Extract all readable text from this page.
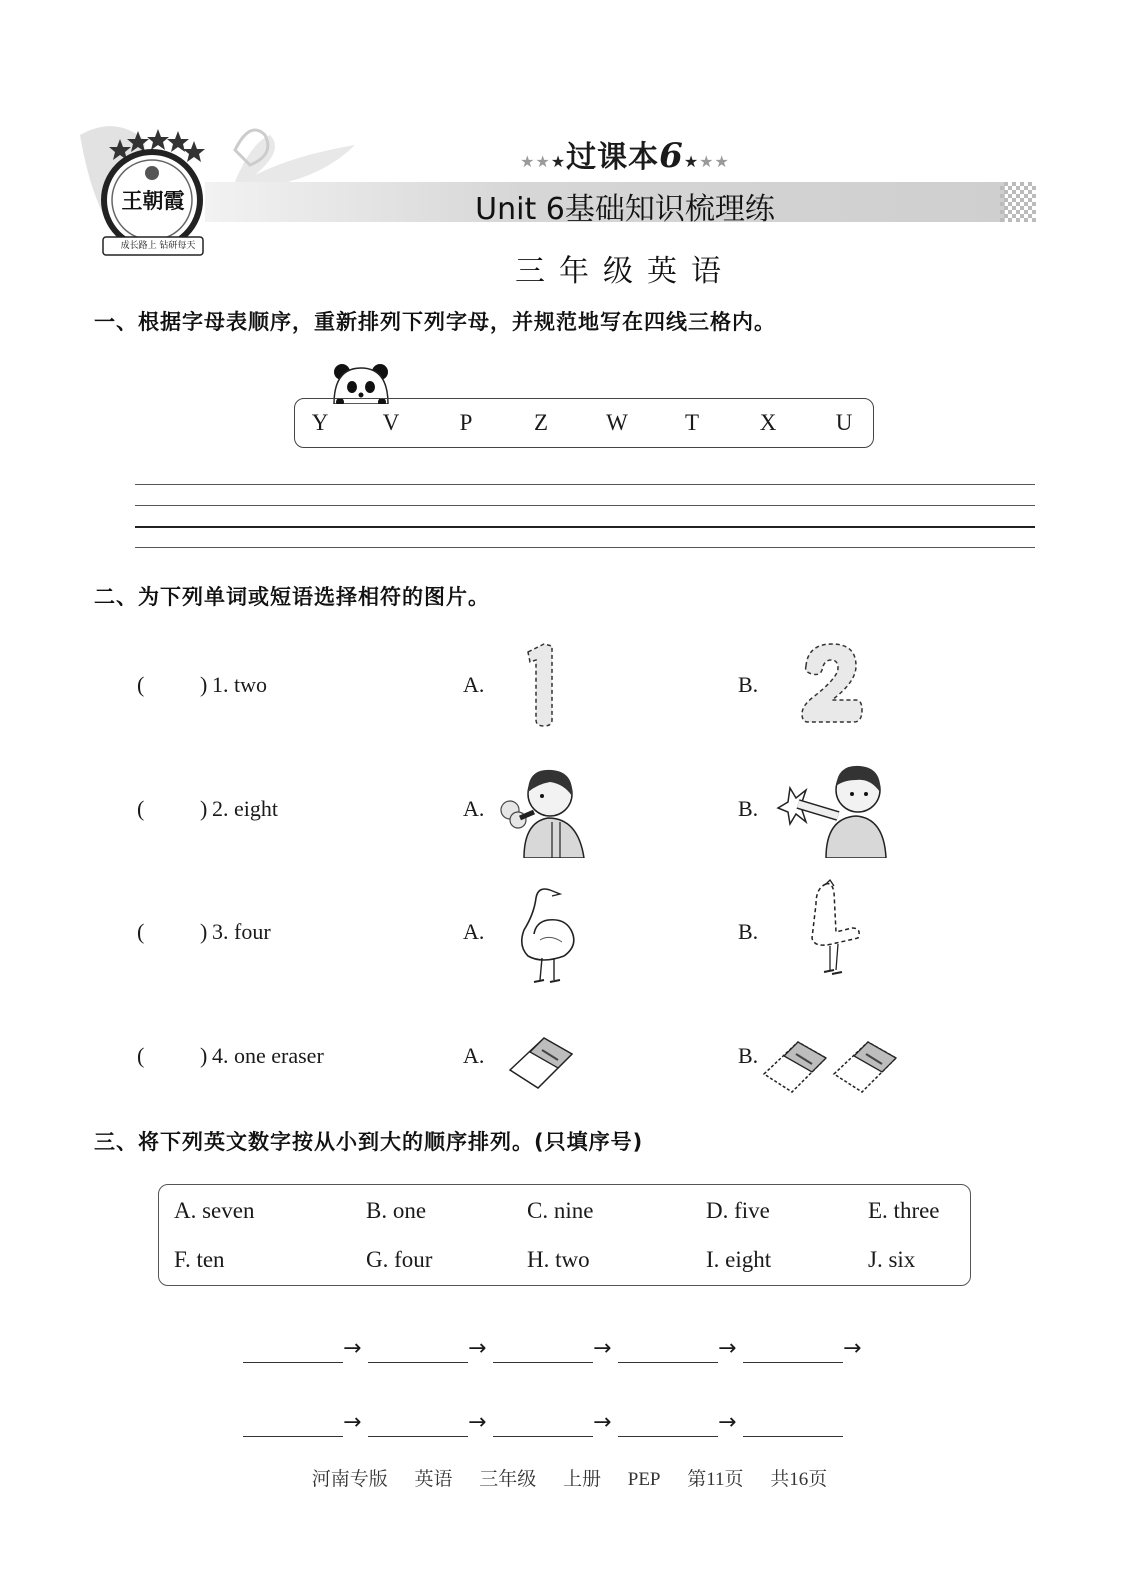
王朝霞
成长路上 钻研每天
★★★过课本6★★★
Unit 6基础知识梳理练
三年级英语
一、根据字母表顺序，重新排列下列字母，并规范地写在四线三格内。
Y	V	P	Z	W	T	X	U
二、为下列单词或短语选择相符的图片。
(	) 1. two	A.	B.
(	) 2. eight	A.	B.
(	) 3. four	A.	B.
(	) 4. one eraser	A.	B.
三、将下列英文数字按从小到大的顺序排列。(只填序号)
A. seven	B. one	C. nine	D. five	E. three
F. ten	G. four	H. two	I. eight	J. six
→	→	→	→	→
→	→	→	→
河南专版 英语 三年级 上册 PEP 第11页 共16页
